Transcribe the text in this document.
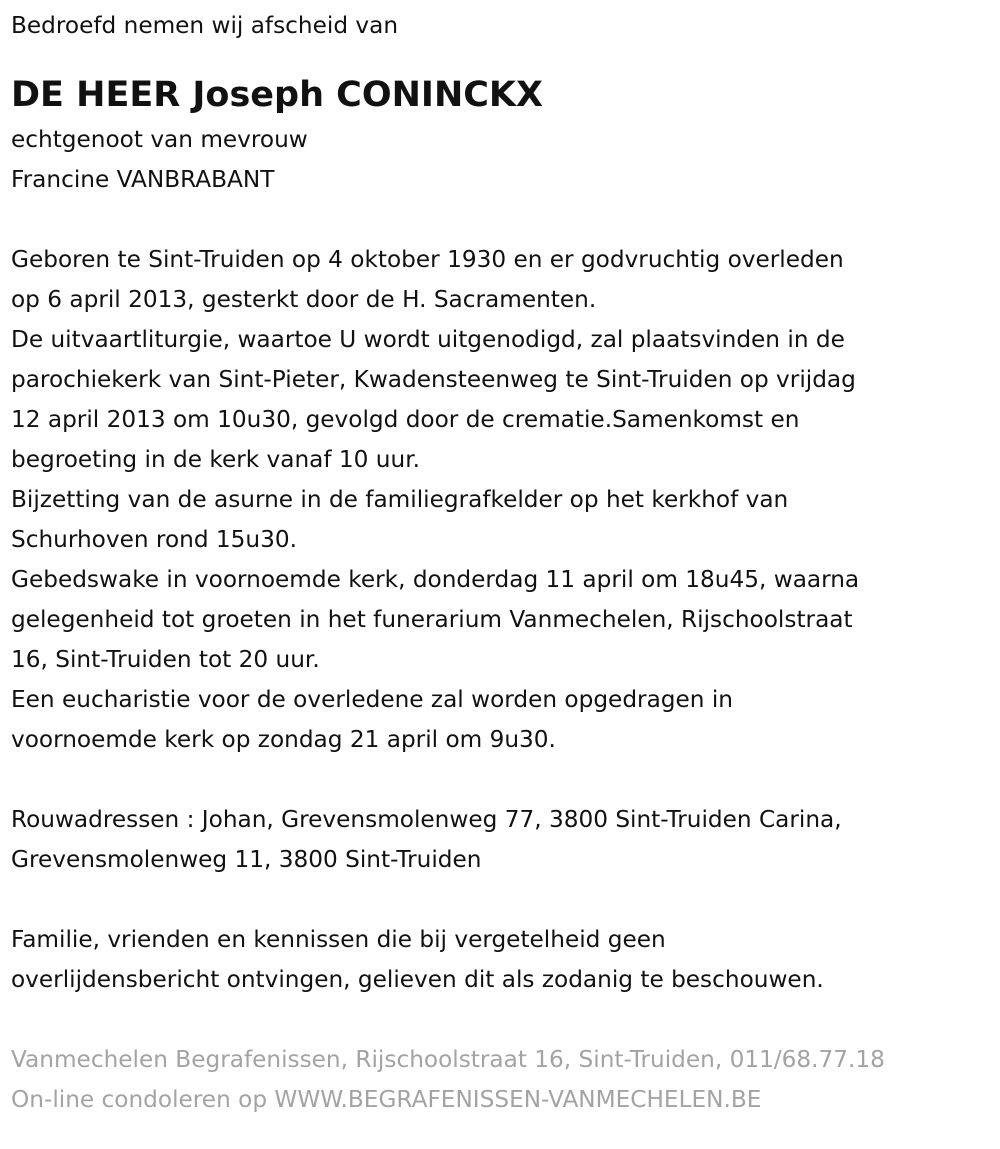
Bedroefd nemen wij afscheid van

DE HEER Joseph CONINCKX

echtgenoot van mevrouw

Francine VANBRABANT

Geboren te Sint-Truiden op 4 oktober 1930 en er godvruchtig overleden

op 6 april 2013, gesterkt door de H. Sacramenten.

De uitvaartliturgie, waartoe U wordt uitgenodigd, zal plaatsvinden in de

parochiekerk van Sint-Pieter, Kwadensteenweg te Sint-Truiden op vrijdag

12 april 2013 om 10u30, gevolgd door de crematie.Samenkomst en

begroeting in de kerk vanaf 10 uur.

Bijzetting van de asurne in de familiegrafkelder op het kerkhof van

Schurhoven rond 15u30.

Gebedswake in voornoemde kerk, donderdag 11 april om 18u45, waarna

gelegenheid tot groeten in het funerarium Vanmechelen, Rijschoolstraat

16, Sint-Truiden tot 20 uur.

Een eucharistie voor de overledene zal worden opgedragen in

voornoemde kerk op zondag 21 april om 9u30.

Rouwadressen : Johan, Grevensmolenweg 77, 3800 Sint-Truiden Carina,

Grevensmolenweg 11, 3800 Sint-Truiden

Familie, vrienden en kennissen die bij vergetelheid geen

overlijdensbericht ontvingen, gelieven dit als zodanig te beschouwen.

Vanmechelen Begrafenissen, Rijschoolstraat 16, Sint-Truiden, 011/68.77.18

On-line condoleren op WWW.BEGRAFENISSEN-VANMECHELEN.BE
